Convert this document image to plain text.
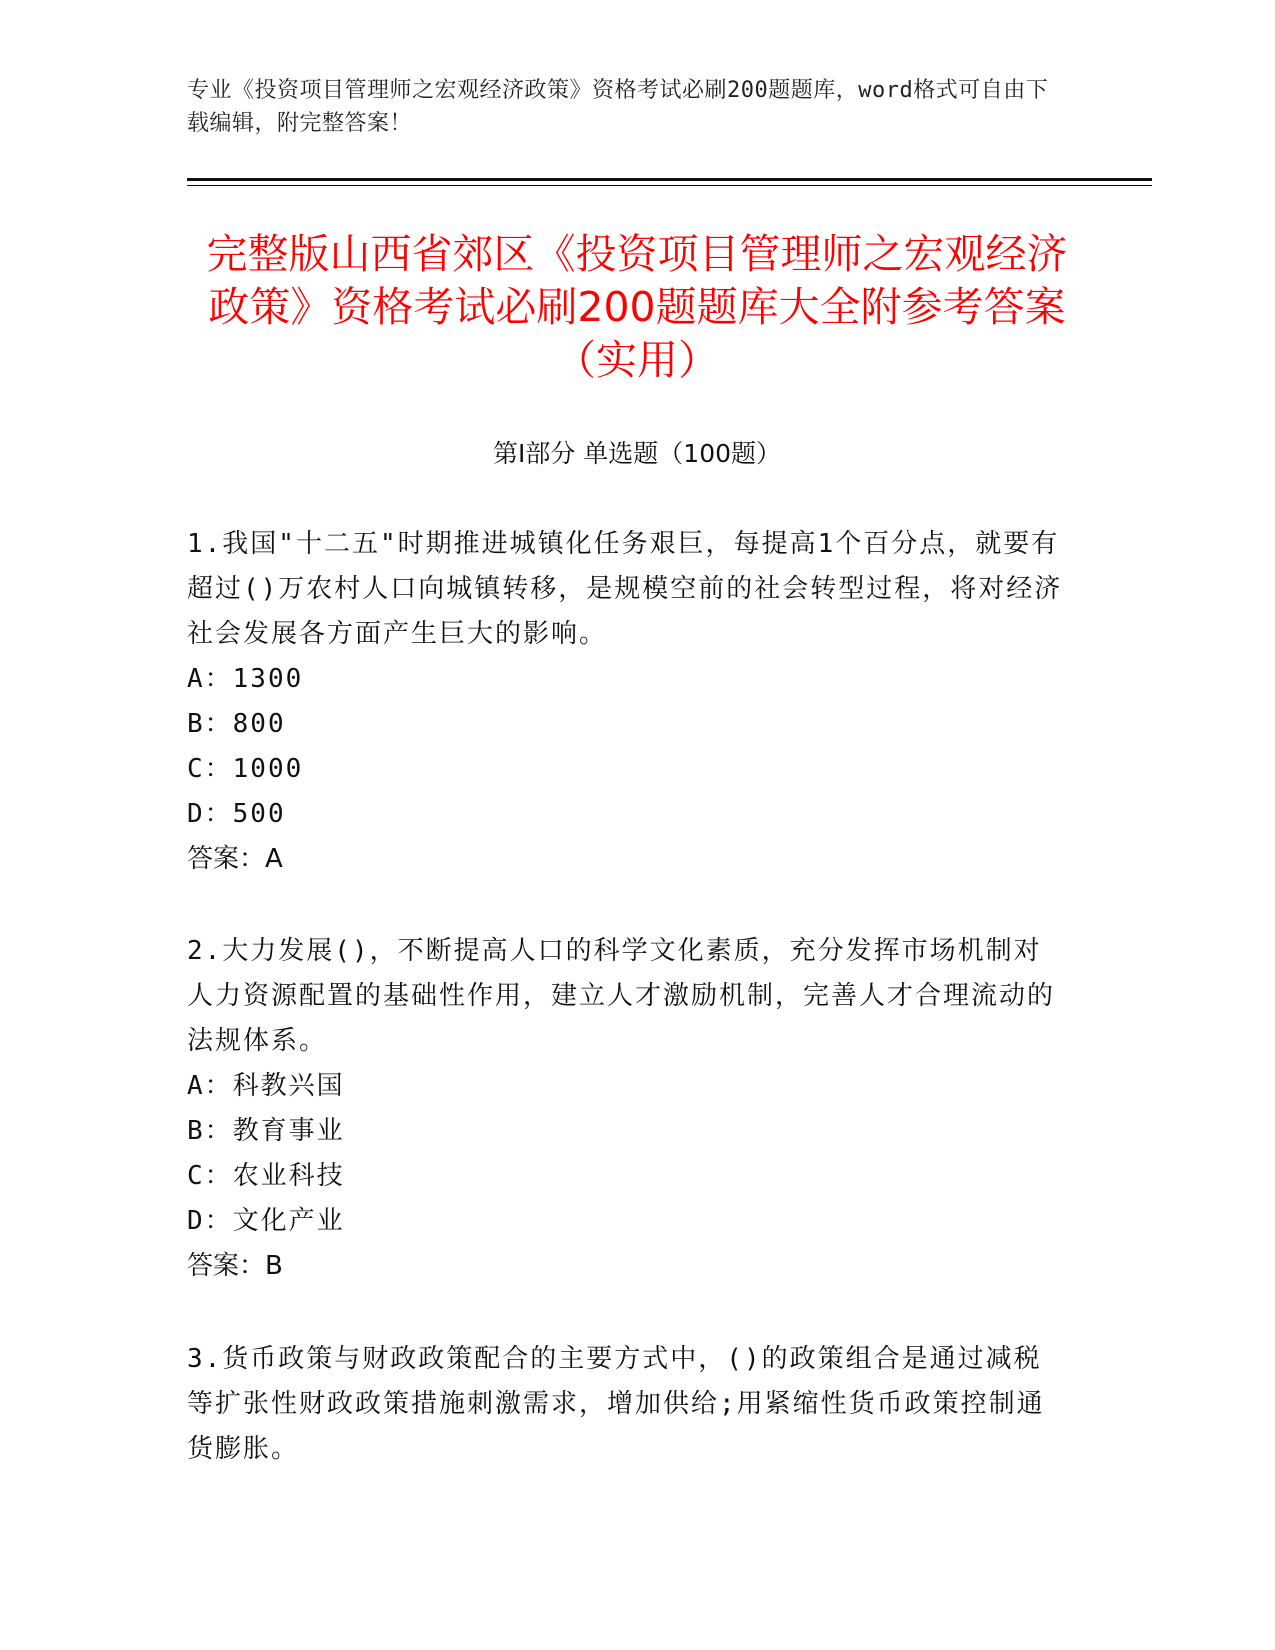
专业《投资项目管理师之宏观经济政策》资格考试必刷200题题库，word格式可自由下载编辑，附完整答案！
完整版山西省郊区《投资项目管理师之宏观经济政策》资格考试必刷200题题库大全附参考答案（实用）
第I部分 单选题（100题）

1.我国"十二五"时期推进城镇化任务艰巨，每提高1个百分点，就要有超过()万农村人口向城镇转移，是规模空前的社会转型过程，将对经济社会发展各方面产生巨大的影响。

A：1300

B：800

C：1000

D：500

答案：A

2.大力发展()，不断提高人口的科学文化素质，充分发挥市场机制对人力资源配置的基础性作用，建立人才激励机制，完善人才合理流动的法规体系。

A：科教兴国

B：教育事业

C：农业科技

D：文化产业

答案：B

3.货币政策与财政政策配合的主要方式中，()的政策组合是通过减税等扩张性财政政策措施刺激需求，增加供给;用紧缩性货币政策控制通货膨胀。
